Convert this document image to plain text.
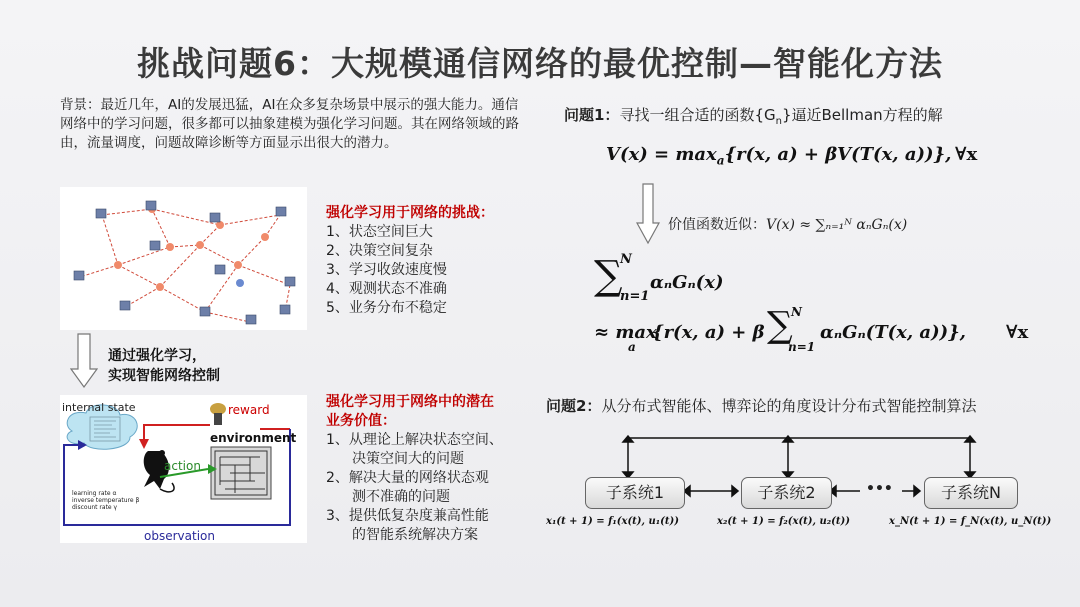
挑战问题6：大规模通信网络的最优控制—智能化方法
背景：最近几年，AI的发展迅猛，AI在众多复杂场景中展示的强大能力。通信网络中的学习问题，很多都可以抽象建模为强化学习问题。其在网络领域的路由，流量调度，问题故障诊断等方面显示出很大的潜力。
强化学习用于网络的挑战：
1、状态空间巨大
2、决策空间复杂
3、学习收敛速度慢
4、观测状态不准确
5、业务分布不稳定
通过强化学习，
实现智能网络控制
internal state	reward
environment
action
observation
learning rate α
inverse temperature β
discount rate γ
强化学习用于网络中的潜在
业务价值：
1、从理论上解决状态空间、
决策空间大的问题
2、解决大量的网络状态观
测不准确的问题
3、提供低复杂度兼高性能
的智能系统解决方案
问题1：寻找一组合适的函数$\{G_n\}$逼近Bellman方程的解
$V(x) = \max_a\{r(x$, a) + βV(T(x, a))}, ∀x
价值函数近似：V(x) ≈ ∑ₙ₌₁ᴺ αₙGₙ(x)
N
∑
n=1
αₙGₙ(x)
≈ max
a
{r(x, a) + β
N
∑
n=1
αₙGₙ(T(x, a))}, ∀x
问题2：从分布式智能体、博弈论的角度设计分布式智能控制算法
子系统1	子系统2	•••	子系统N
x₁(t + 1) = f₁(x(t), u₁(t))	x₂(t + 1) = f₂(x(t), u₂(t))	x_N(t + 1) = f_N(x(t), u_N(t))
